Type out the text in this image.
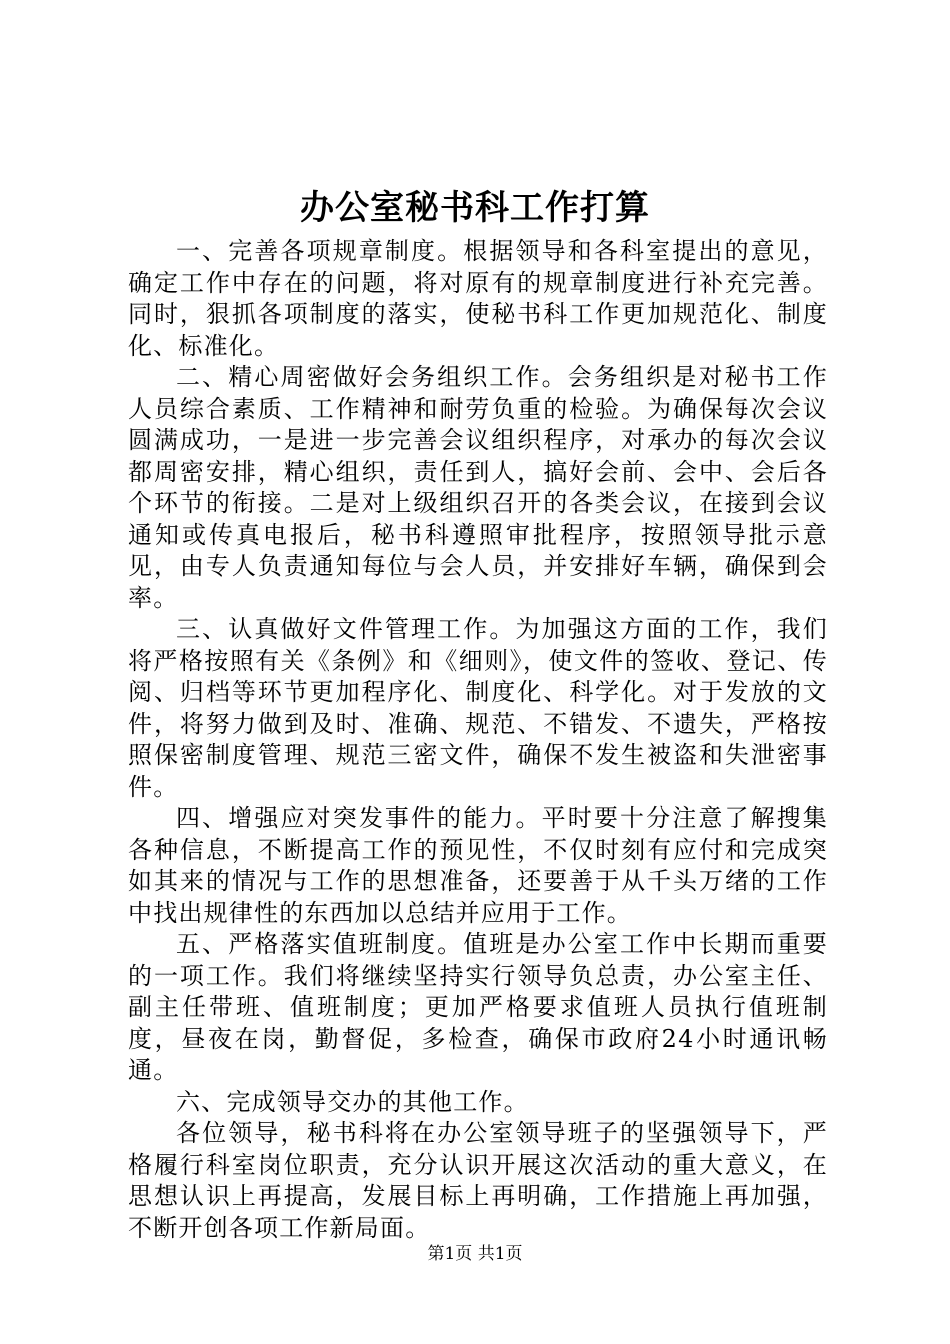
办公室秘书科工作打算

一、完善各项规章制度。根据领导和各科室提出的意见，确定工作中存在的问题，将对原有的规章制度进行补充完善。同时，狠抓各项制度的落实，使秘书科工作更加规范化、制度化、标准化。

二、精心周密做好会务组织工作。会务组织是对秘书工作人员综合素质、工作精神和耐劳负重的检验。为确保每次会议圆满成功，一是进一步完善会议组织程序，对承办的每次会议都周密安排，精心组织，责任到人，搞好会前、会中、会后各个环节的衔接。二是对上级组织召开的各类会议，在接到会议通知或传真电报后，秘书科遵照审批程序，按照领导批示意见，由专人负责通知每位与会人员，并安排好车辆，确保到会率。

三、认真做好文件管理工作。为加强这方面的工作，我们将严格按照有关《条例》和《细则》，使文件的签收、登记、传阅、归档等环节更加程序化、制度化、科学化。对于发放的文件，将努力做到及时、准确、规范、不错发、不遗失，严格按照保密制度管理、规范三密文件，确保不发生被盗和失泄密事件。

四、增强应对突发事件的能力。平时要十分注意了解搜集各种信息，不断提高工作的预见性，不仅时刻有应付和完成突如其来的情况与工作的思想准备，还要善于从千头万绪的工作中找出规律性的东西加以总结并应用于工作。

五、严格落实值班制度。值班是办公室工作中长期而重要的一项工作。我们将继续坚持实行领导负总责，办公室主任、副主任带班、值班制度；更加严格要求值班人员执行值班制度，昼夜在岗，勤督促，多检查，确保市政府24小时通讯畅通。

六、完成领导交办的其他工作。

各位领导，秘书科将在办公室领导班子的坚强领导下，严格履行科室岗位职责，充分认识开展这次活动的重大意义，在思想认识上再提高，发展目标上再明确，工作措施上再加强，不断开创各项工作新局面。

第1页 共1页
